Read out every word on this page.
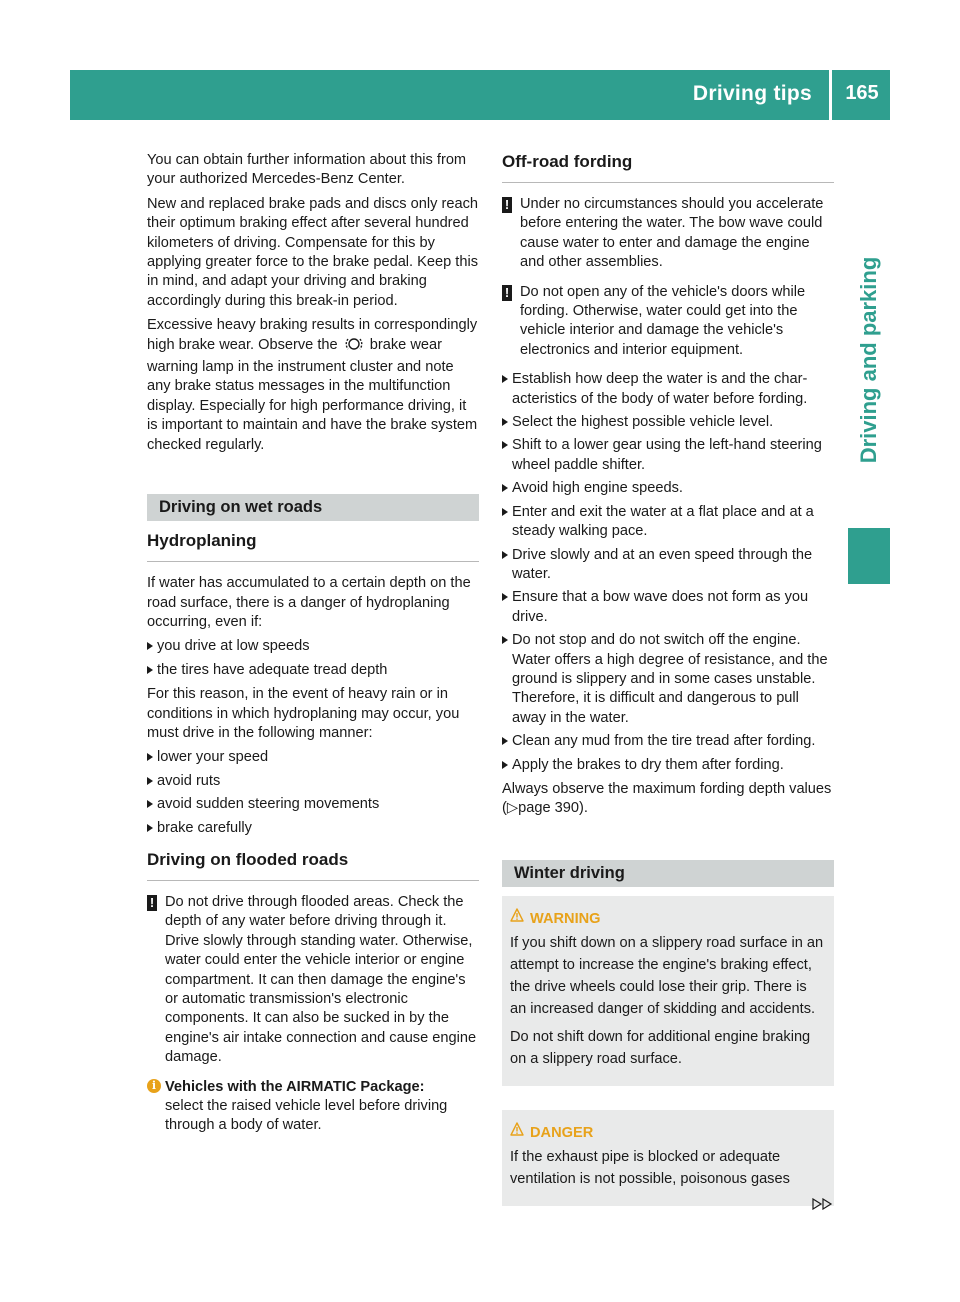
Driving tips	165
Driving and parking

You can obtain further information about this from your authorized Mercedes-Benz Center.

New and replaced brake pads and discs only reach their optimum braking effect after several hundred kilometers of driving. Compensate for this by applying greater force to the brake pedal. Keep this in mind, and adapt your driving and braking accordingly during this break-in period.

Excessive heavy braking results in correspondingly high brake wear. Observe the brake wear warning lamp in the instrument cluster and note any brake status messages in the multifunction display. Especially for high performance driving, it is important to maintain and have the brake system checked regularly.

Driving on wet roads
Hydroplaning

If water has accumulated to a certain depth on the road surface, there is a danger of hydroplaning occurring, even if:

you drive at low speeds
the tires have adequate tread depth

For this reason, in the event of heavy rain or in conditions in which hydroplaning may occur, you must drive in the following manner:

lower your speed
avoid ruts
avoid sudden steering movements
brake carefully
Driving on flooded roads
! Do not drive through flooded areas. Check the depth of any water before driving through it. Drive slowly through standing water. Otherwise, water could enter the vehicle interior or engine compartment. It can then damage the engine's or automatic transmission's electronic components. It can also be sucked in by the engine's air intake connection and cause engine damage.
i Vehicles with the AIRMATIC Package:
select the raised vehicle level before driving through a body of water.
Off-road fording
! Under no circumstances should you accelerate before entering the water. The bow wave could cause water to enter and damage the engine and other assemblies.
! Do not open any of the vehicle's doors while fording. Otherwise, water could get into the vehicle interior and damage the vehicle's electronics and interior equipment.
Establish how deep the water is and the characteristics of the body of water before fording.
Select the highest possible vehicle level.
Shift to a lower gear using the left-hand steering wheel paddle shifter.
Avoid high engine speeds.
Enter and exit the water at a flat place and at a steady walking pace.
Drive slowly and at an even speed through the water.
Ensure that a bow wave does not form as you drive.
Do not stop and do not switch off the engine. Water offers a high degree of resistance, and the ground is slippery and in some cases unstable. Therefore, it is difficult and dangerous to pull away in the water.
Clean any mud from the tire tread after fording.
Apply the brakes to dry them after fording.

Always observe the maximum fording depth values (▷page 390).

Winter driving
WARNING

If you shift down on a slippery road surface in an attempt to increase the engine's braking effect, the drive wheels could lose their grip. There is an increased danger of skidding and accidents.

Do not shift down for additional engine braking on a slippery road surface.

DANGER

If the exhaust pipe is blocked or adequate ventilation is not possible, poisonous gases
